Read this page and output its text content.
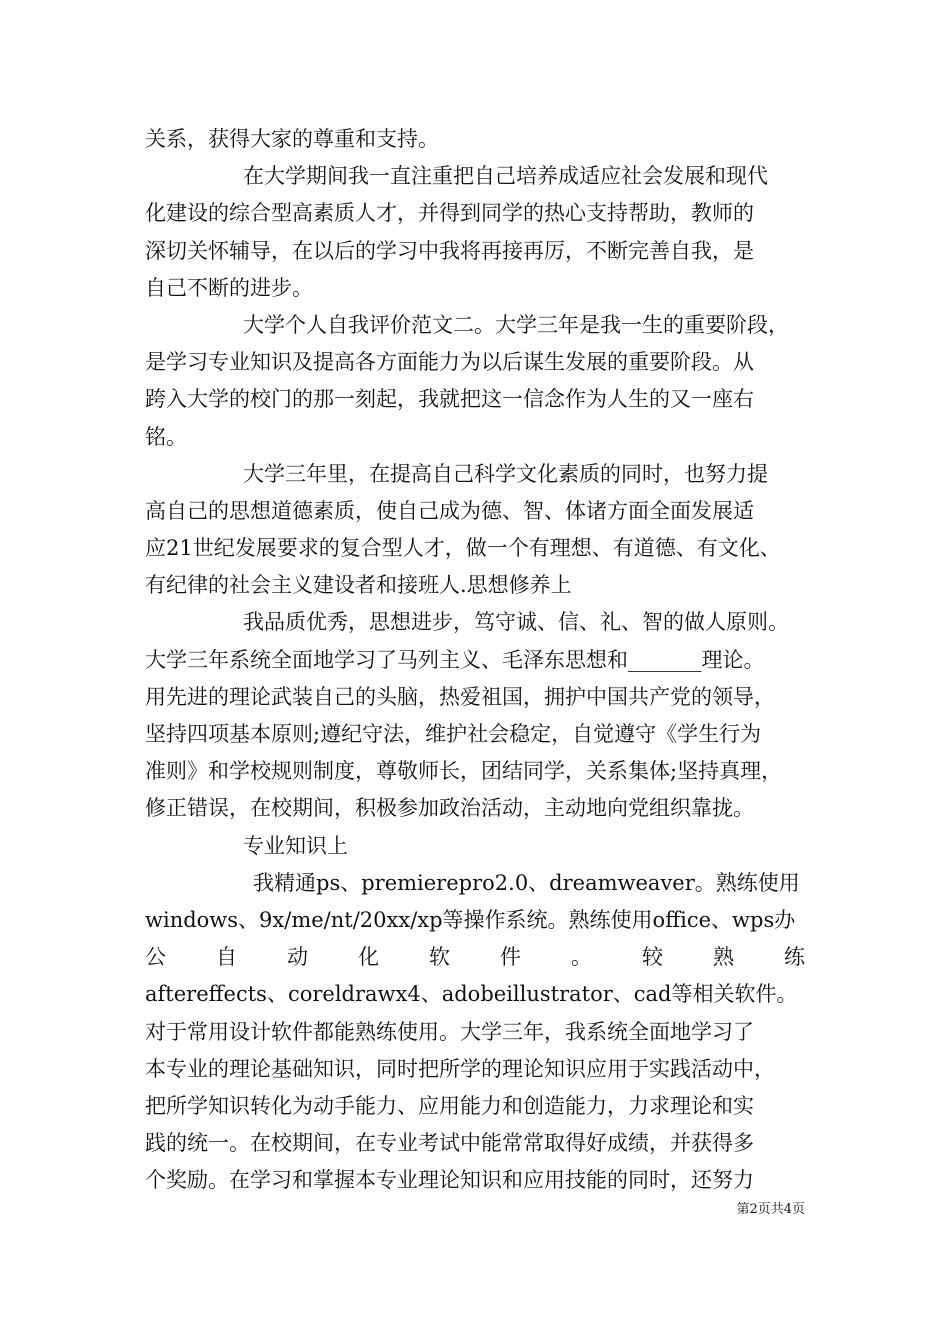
关系，获得大家的尊重和支持。
在大学期间我一直注重把自己培养成适应社会发展和现代
化建设的综合型高素质人才，并得到同学的热心支持帮助，教师的
深切关怀辅导，在以后的学习中我将再接再厉，不断完善自我，是
自己不断的进步。
大学个人自我评价范文二。大学三年是我一生的重要阶段，
是学习专业知识及提高各方面能力为以后谋生发展的重要阶段。从
跨入大学的校门的那一刻起，我就把这一信念作为人生的又一座右
铭。
大学三年里，在提高自己科学文化素质的同时，也努力提
高自己的思想道德素质，使自己成为德、智、体诸方面全面发展适
应21世纪发展要求的复合型人才，做一个有理想、有道德、有文化、
有纪律的社会主义建设者和接班人.思想修养上
我品质优秀，思想进步，笃守诚、信、礼、智的做人原则。
大学三年系统全面地学习了马列主义、毛泽东思想和_______理论。
用先进的理论武装自己的头脑，热爱祖国，拥护中国共产党的领导，
坚持四项基本原则;遵纪守法，维护社会稳定，自觉遵守《学生行为
准则》和学校规则制度，尊敬师长，团结同学，关系集体;坚持真理，
修正错误，在校期间，积极参加政治活动，主动地向党组织靠拢。
专业知识上
我精通ps、premierepro2.0、dreamweaver。熟练使用
windows、9x/me/nt/20xx/xp等操作系统。熟练使用office、wps办
公 自 动 化 软 件 。 较 熟 练
aftereffects、coreldrawx4、adobeillustrator、cad等相关软件。
对于常用设计软件都能熟练使用。大学三年，我系统全面地学习了
本专业的理论基础知识，同时把所学的理论知识应用于实践活动中，
把所学知识转化为动手能力、应用能力和创造能力，力求理论和实
践的统一。在校期间，在专业考试中能常常取得好成绩，并获得多
个奖励。在学习和掌握本专业理论知识和应用技能的同时，还努力
第2页共4页
